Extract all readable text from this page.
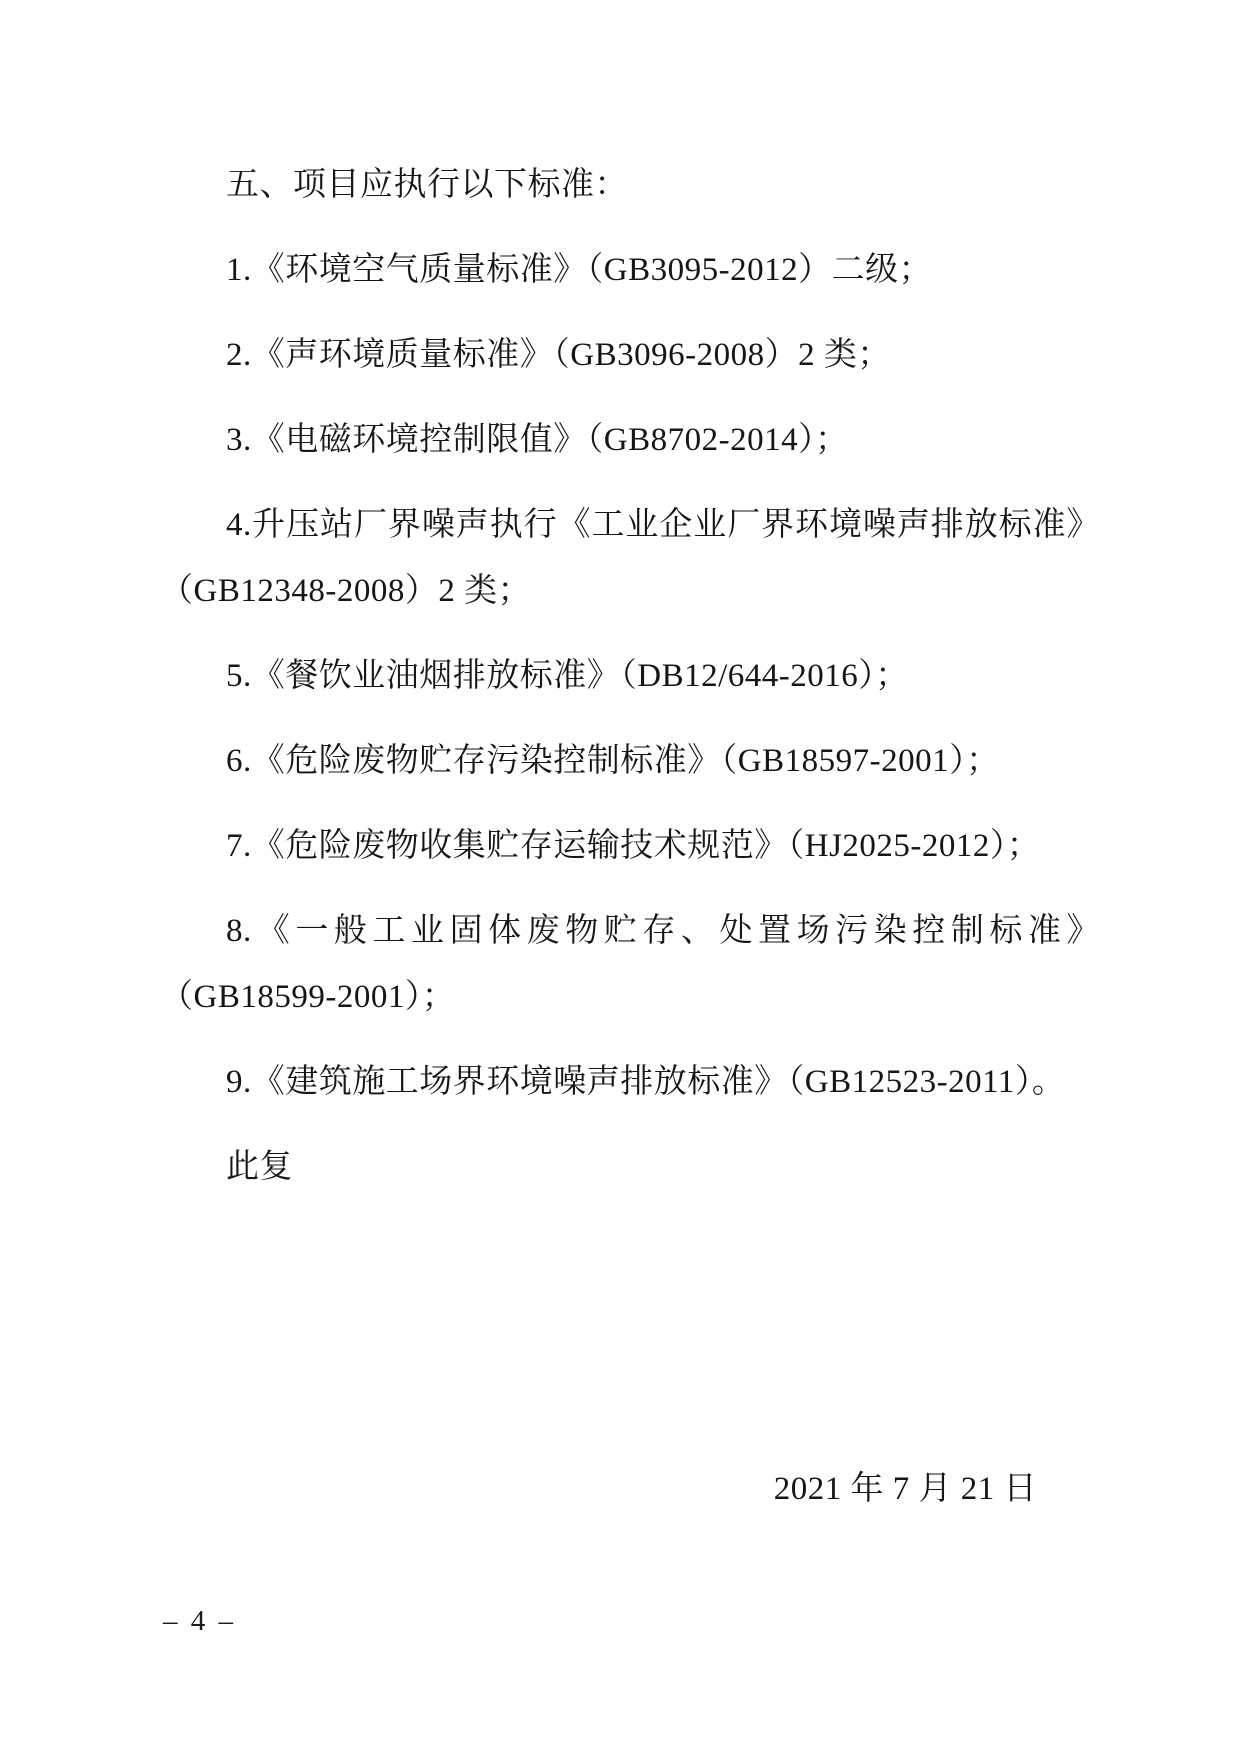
五、项目应执行以下标准：
1.《环境空气质量标准》（GB3095-2012）二级；
2.《声环境质量标准》（GB3096-2008）2 类；
3.《电磁环境控制限值》（GB8702-2014）；
4.升压站厂界噪声执行《工业企业厂界环境噪声排放标准》
（GB12348-2008）2 类；
5.《餐饮业油烟排放标准》（DB12/644-2016）；
6.《危险废物贮存污染控制标准》（GB18597-2001）；
7.《危险废物收集贮存运输技术规范》（HJ2025-2012）；
8.《一般工业固体废物贮存、处置场污染控制标准》
（GB18599-2001）；
9.《建筑施工场界环境噪声排放标准》（GB12523-2011）。
此复
2021 年 7 月 21 日
– 4 –
